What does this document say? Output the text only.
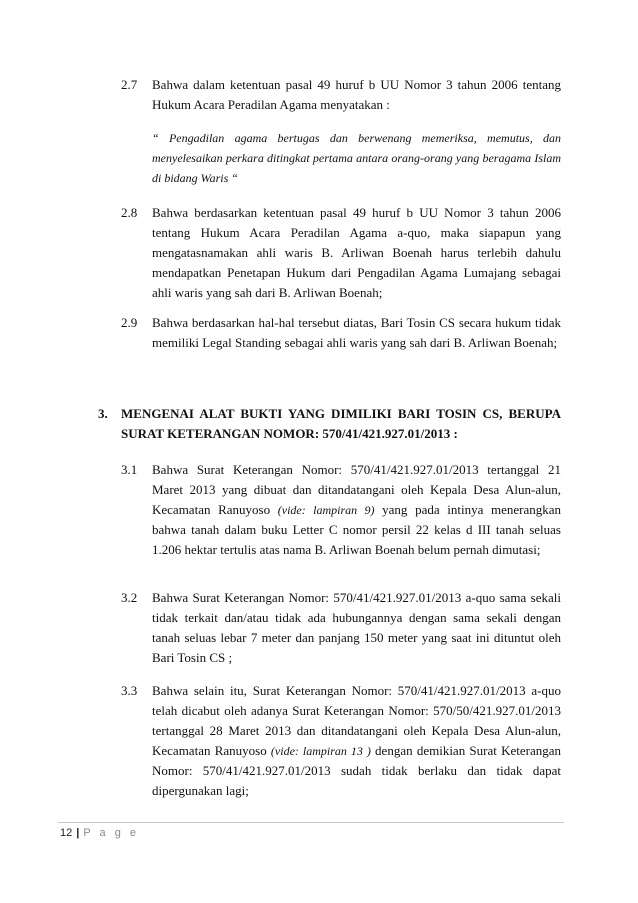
2.7 Bahwa dalam ketentuan pasal 49 huruf b UU Nomor 3 tahun 2006 tentang Hukum Acara Peradilan Agama menyatakan :
“ Pengadilan agama bertugas dan berwenang memeriksa, memutus, dan menyelesaikan perkara ditingkat pertama antara orang-orang yang beragama Islam di bidang Waris “
2.8 Bahwa berdasarkan ketentuan pasal 49 huruf b UU Nomor 3 tahun 2006 tentang Hukum Acara Peradilan Agama a-quo, maka siapapun yang mengatasnamakan ahli waris B. Arliwan Boenah harus terlebih dahulu mendapatkan Penetapan Hukum dari Pengadilan Agama Lumajang sebagai ahli waris yang sah dari B. Arliwan Boenah;
2.9 Bahwa berdasarkan hal-hal tersebut diatas, Bari Tosin CS secara hukum tidak memiliki Legal Standing sebagai ahli waris yang sah dari B. Arliwan Boenah;
3. MENGENAI ALAT BUKTI YANG DIMILIKI BARI TOSIN CS, BERUPA SURAT KETERANGAN NOMOR: 570/41/421.927.01/2013 :
3.1 Bahwa Surat Keterangan Nomor: 570/41/421.927.01/2013 tertanggal 21 Maret 2013 yang dibuat dan ditandatangani oleh Kepala Desa Alun-alun, Kecamatan Ranuyoso (vide: lampiran 9) yang pada intinya menerangkan bahwa tanah dalam buku Letter C nomor persil 22 kelas d III tanah seluas 1.206 hektar tertulis atas nama B. Arliwan Boenah belum pernah dimutasi;
3.2 Bahwa Surat Keterangan Nomor: 570/41/421.927.01/2013 a-quo sama sekali tidak terkait dan/atau tidak ada hubungannya dengan sama sekali dengan tanah seluas lebar 7 meter dan panjang 150 meter yang saat ini dituntut oleh Bari Tosin CS ;
3.3 Bahwa selain itu, Surat Keterangan Nomor: 570/41/421.927.01/2013 a-quo telah dicabut oleh adanya Surat Keterangan Nomor: 570/50/421.927.01/2013 tertanggal 28 Maret 2013 dan ditandatangani oleh Kepala Desa Alun-alun, Kecamatan Ranuyoso (vide: lampiran 13 ) dengan demikian Surat Keterangan Nomor: 570/41/421.927.01/2013 sudah tidak berlaku dan tidak dapat dipergunakan lagi;
12 | P a g e
